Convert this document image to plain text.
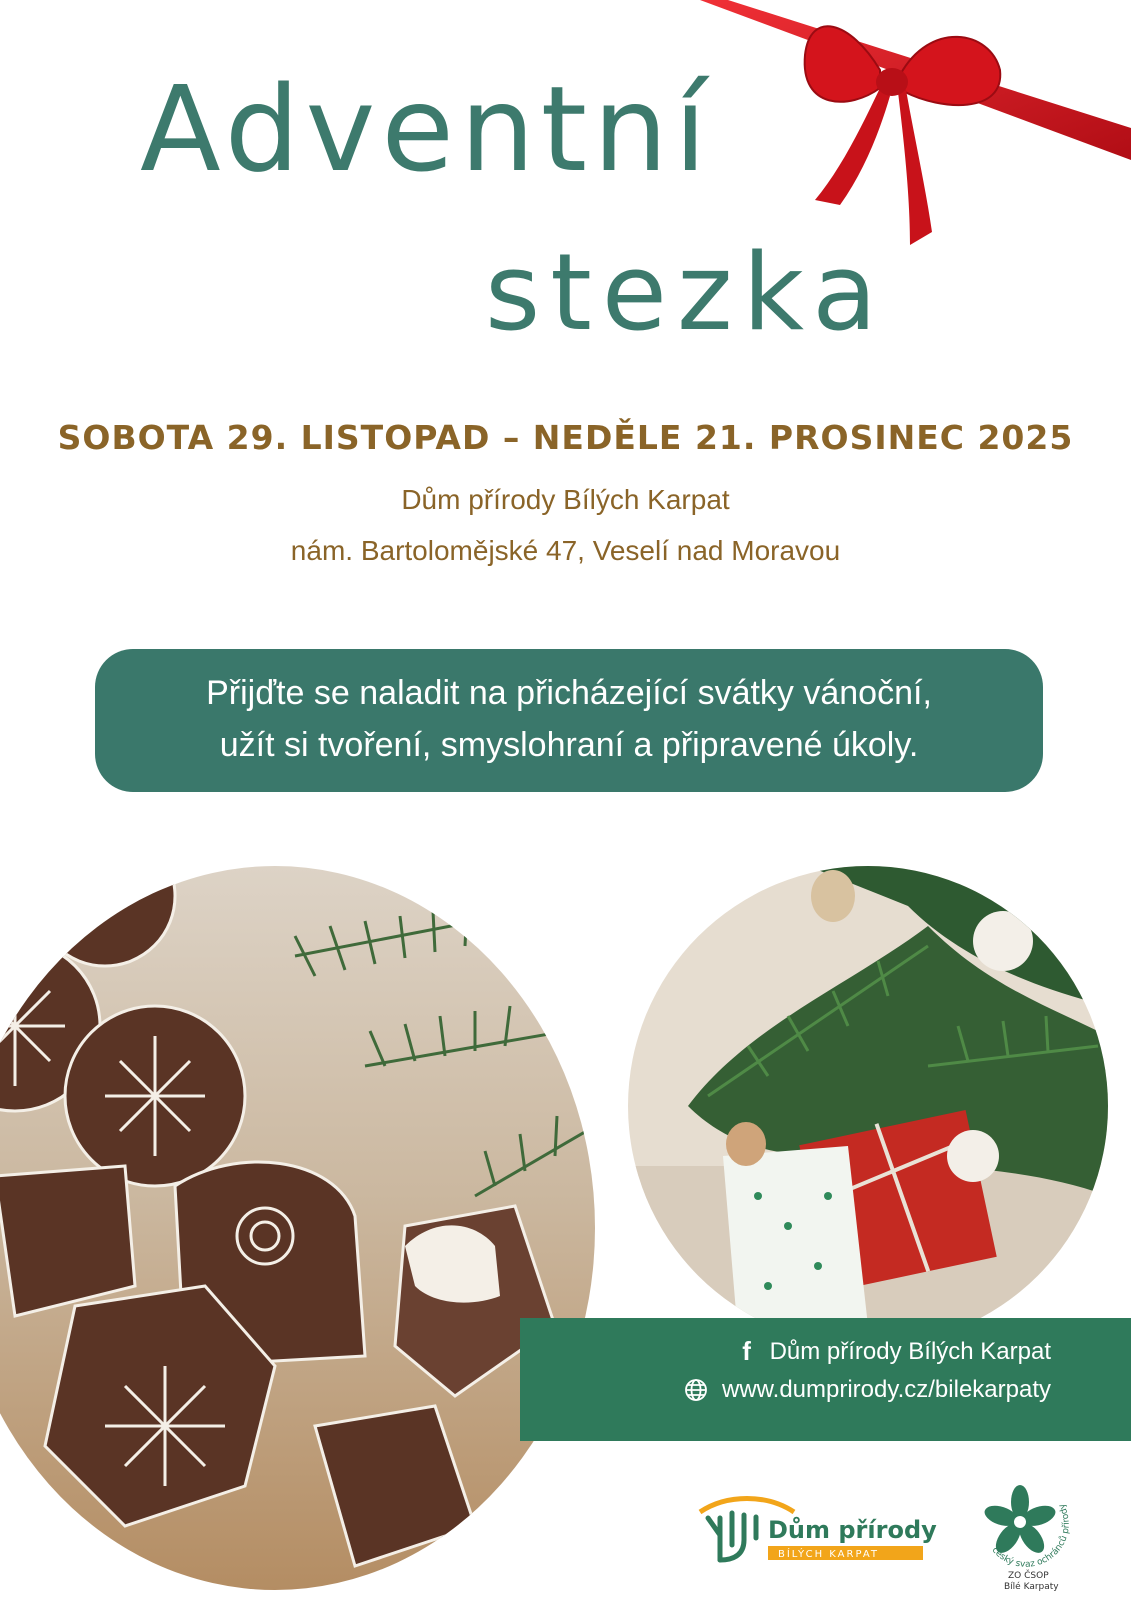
Adventní
stezka
SOBOTA 29. LISTOPAD – NEDĚLE 21. PROSINEC 2025
Dům přírody Bílých Karpat
nám. Bartolomějské 47, Veselí nad Moravou
Přijďte se naladit na přicházející svátky vánoční,
užít si tvoření, smyslohraní a připravené úkoly.
f Dům přírody Bílých Karpat
www.dumprirody.cz/bilekarpaty
Dům přírody
BÍLÝCH KARPAT	český svaz ochránců přírody
ZO ČSOP
Bílé Karpaty
